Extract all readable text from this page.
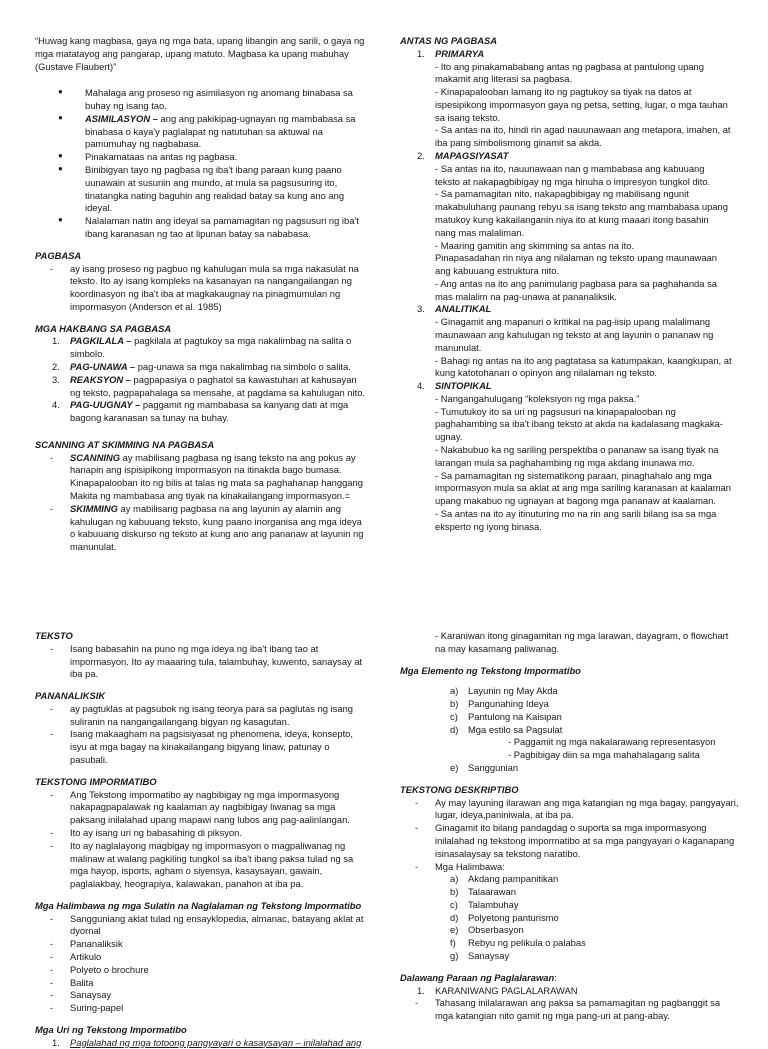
“Huwag kang magbasa, gaya ng mga bata, upang libangin ang sarili, o gaya ng mga matatayog ang pangarap, upang matuto. Magbasa ka upang mabuhay (Gustave Flaubert)”

● Mahalaga ang proseso ng asimilasyon ng anomang binabasa sa buhay ng isang tao.
● ASIMILASYON – ang ang pakikipag-ugnayan ng mambabasa sa binabasa o kaya'y paglalapat ng natutuhan sa aktuwal na pamumuhay ng nagbabasa.
● Pinakamataas na antas ng pagbasa.
● Binibigyan tayo ng pagbasa ng iba't ibang paraan kung paano uunawain at susuriin ang mundo, at mula sa pagsusuring ito, tinatangka nating baguhin ang realidad batay sa kung ano ang ideyal.
● Nalalaman natin ang ideyal sa pamamagitan ng pagsusuri ng iba't ibang karanasan ng tao at lipunan batay sa nababasa.

PAGBASA

- ay isang proseso ng pagbuo ng kahulugan mula sa mga nakasulat na teksto. Ito ay isang kompleks na kasanayan na nangangailangan ng koordinasyon ng iba't iba at magkakaugnay na pinagmumulan ng impormasyon (Anderson et al. 1985)

MGA HAKBANG SA PAGBASA

1. PAGKILALA – pagkilala at pagtukoy sa mga nakalimbag na salita o simbolo.
2. PAG-UNAWA – pag-unawa sa mga nakalimbag na simbolo o salita.
3. REAKSYON – pagpapasiya o paghatol sa kawastuhan at kahusayan ng teksto, pagpapahalaga sa mensahe, at pagdama sa kahulugan nito.
4. PAG-UUGNAY – paggamit ng mambabasa sa kanyang dati at mga bagong karanasan sa tunay na buhay.

SCANNING AT SKIMMING NA PAGBASA

- SCANNING ay mabilisang pagbasa ng isang teksto na ang pokus ay hanapin ang ispisipikong impormasyon na itinakda bago bumasa. Kinapapalooban ito ng bilis at talas ng mata sa paghahanap hanggang Makita ng mambabasa ang tiyak na kinakailangang impormasyon.=
- SKIMMING ay mabilisang pagbasa na ang layunin ay alamin ang kahulugan ng kabuuang teksto, kung paano inorganisa ang mga ideya o kabuuang diskurso ng teksto at kung ano ang pananaw at layunin ng manunulat.

ANTAS NG PAGBASA

1. PRIMARYA

- Ito ang pinakamababang antas ng pagbasa at pantulong upang makamit ang literasi sa pagbasa.

- Kinapapalooban lamang ito ng pagtukoy sa tiyak na datos at ispesipikong impormasyon gaya ng petsa, setting, lugar, o mga tauhan sa isang teksto.

- Sa antas na ito, hindi rin agad nauunawaan ang metapora, imahen, at iba pang simbolismong ginamit sa akda.

2. MAPAGSIYASAT

- Sa antas na ito, nauunawaan nan g mambabasa ang kabuuang teksto at nakapagbibigay ng mga hinuha o impresyon tungkol dito.

- Sa pamamagitan nito, nakapagbibigay ng mabilisang ngunit makabuluhang paunang rebyu sa isang teksto ang mambabasa upang matukoy kung kakailanganin niya ito at kung maaari itong basahin nang mas malaliman.

- Maaring gamitin ang skimming sa antas na ito.

Pinapasadahan rin niya ang nilalaman ng teksto upang maunawaan ang kabuuang estruktura nito.

- Ang antas na ito ang panimulang pagbasa para sa paghahanda sa mas malalim na pag-unawa at pananaliksik.

3. ANALITIKAL

- Ginagamit ang mapanuri o kritikal na pag-iisip upang malalimang maunawaan ang kahulugan ng teksto at ang layunin o pananaw ng manunulat.

- Bahagi ng antas na ito ang pagtatasa sa katumpakan, kaangkupan, at kung katotohanan o opinyon ang nilalaman ng teksto.

4. SINTOPIKAL

- Nangangahulugang “koleksiyon ng mga paksa.”

- Tumutukoy ito sa uri ng pagsusuri na kinapapalooban ng paghahambing sa iba't ibang teksto at akda na kadalasang magkaka-ugnay.

- Nakabubuo ka ng sariling perspektiba o pananaw sa isang tiyak na larangan mula sa paghahambing ng mga akdang inunawa mo.

- Sa pamamagitan ng sistematikong paraan, pinaghahalo ang mga impormasyon mula sa aklat at ang mga sariling karanasan at kaalaman upang makabuo ng ugnayan at bagong mga pananaw at kaalaman.

- Sa antas na ito ay itinuturing mo na rin ang sarili bilang isa sa mga eksperto ng iyong binasa.

TEKSTO

- Isang babasahin na puno ng mga ideya ng iba't ibang tao at impormasyon. Ito ay maaaring tula, talambuhay, kuwento, sanaysay at iba pa.

PANANALIKSIK

- ay pagtuklas at pagsubok ng isang teorya para sa paglutas ng isang suliranin na nangangailangang bigyan ng kasagutan.
- Isang makaagham na pagsisiyasat ng phenomena, ideya, konsepto, isyu at mga bagay na kinakailangang bigyang linaw, patunay o pasubali.

TEKSTONG IMPORMATIBO

- Ang Tekstong impormatibo ay nagbibigay ng mga impormasyong nakapagpapalawak ng kaalaman ay nagbibigay liwanag sa mga paksang inilalahad upang mapawi nang lubos ang pag-aalinlangan.
- Ito ay isang uri ng babasahing di piksyon.
- Ito ay naglalayong magbigay ng impormasyon o magpaliwanag ng malinaw at walang pagkiling tungkol sa iba't ibang paksa tulad ng sa mga hayop, isports, agham o siyensya, kasaysayan, gawain, paglalakbay, heograpiya, kalawakan, panahon at iba pa.

Mga Halimbawa ng mga Sulatin na Naglalaman ng Tekstong Impormatibo

- Sangguniang aklat tulad ng ensayklopedia, almanac, batayang aklat at dyornal
- Pananaliksik
- Artikulo
- Polyeto o brochure
- Balita
- Sanaysay
- Suring-papel

Mga Uri ng Tekstong Impormatibo

1. Paglalahad ng mga totoong pangyayari o kasaysayan – inilalahad ang

- Karaniwan itong ginagamitan ng mga larawan, dayagram, o flowchart na may kasamang paliwanag.

Mga Elemento ng Tekstong Impormatibo

a) Layunin ng May Akda
b) Pangunahing Ideya
c) Pantulong na Kaisipan
d) Mga estilo sa Pagsulat

- Paggamit ng mga nakalarawang representasyon

- Pagbibigay diin sa mga mahahalagang salita

e) Sanggunian

TEKSTONG DESKRIPTIBO

- Ay may layuning ilarawan ang mga katangian ng mga bagay, pangyayari, lugar, ideya,paniniwala, at iba pa.
- Ginagamit ito bilang pandagdag o suporta sa mga impormasyong inilalahad ng tekstong impormatibo at sa mga pangyayari o kaganapang isinasalaysay sa tekstong naratibo.
- Mga Halimbawa:
a) Akdang pampanitikan
b) Talaarawan
c) Talambuhay
d) Polyetong panturismo
e) Obserbasyon
f) Rebyu ng pelikula o palabas
g) Sanaysay

Dalawang Paraan ng Paglalarawan:

1. KARANIWANG PAGLALARAWAN
- Tahasang inilalarawan ang paksa sa pamamagitan ng pagbanggit sa mga katangian nito gamit ng mga pang-uri at pang-abay.
